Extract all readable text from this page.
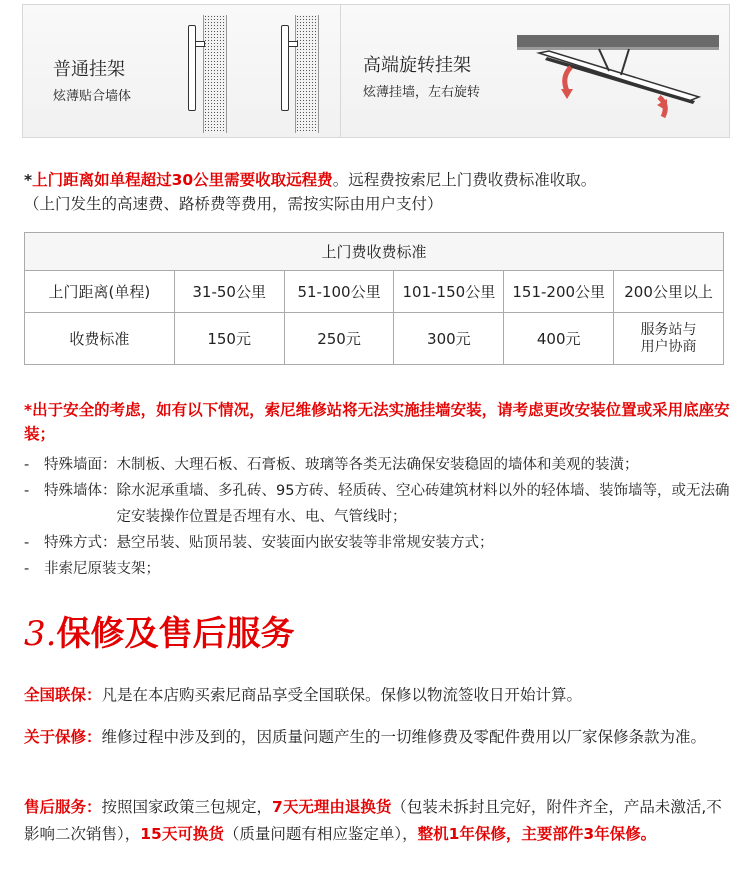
普通挂架
炫薄贴合墙体
高端旋转挂架
炫薄挂墙，左右旋转
*上门距离如单程超过30公里需要收取远程费。远程费按索尼上门费收费标准收取。
（上门发生的高速费、路桥费等费用，需按实际由用户支付）
上门费收费标准					
上门距离(单程)	31-50公里	51-100公里	101-150公里	151-200公里	200公里以上
收费标准	150元	250元	300元	400元	服务站与
用户协商
*出于安全的考虑，如有以下情况，索尼维修站将无法实施挂墙安装，请考虑更改安装位置或采用底座安装；
-	特殊墙面： 木制板、大理石板、石膏板、玻璃等各类无法确保安装稳固的墙体和美观的装潢；
-	特殊墙体： 除水泥承重墙、多孔砖、95方砖、轻质砖、空心砖建筑材料以外的轻体墙、装饰墙等，或无法确定安装操作位置是否埋有水、电、气管线时；
-	特殊方式： 悬空吊装、贴顶吊装、安装面内嵌安装等非常规安装方式；
-	非索尼原装支架；
3.保修及售后服务
全国联保：凡是在本店购买索尼商品享受全国联保。保修以物流签收日开始计算。
关于保修：维修过程中涉及到的，因质量问题产生的一切维修费及零配件费用以厂家保修条款为准。
售后服务：按照国家政策三包规定，7天无理由退换货（包装未拆封且完好，附件齐全，产品未激活,不影响二次销售），15天可换货（质量问题有相应鉴定单），整机1年保修，主要部件3年保修。
